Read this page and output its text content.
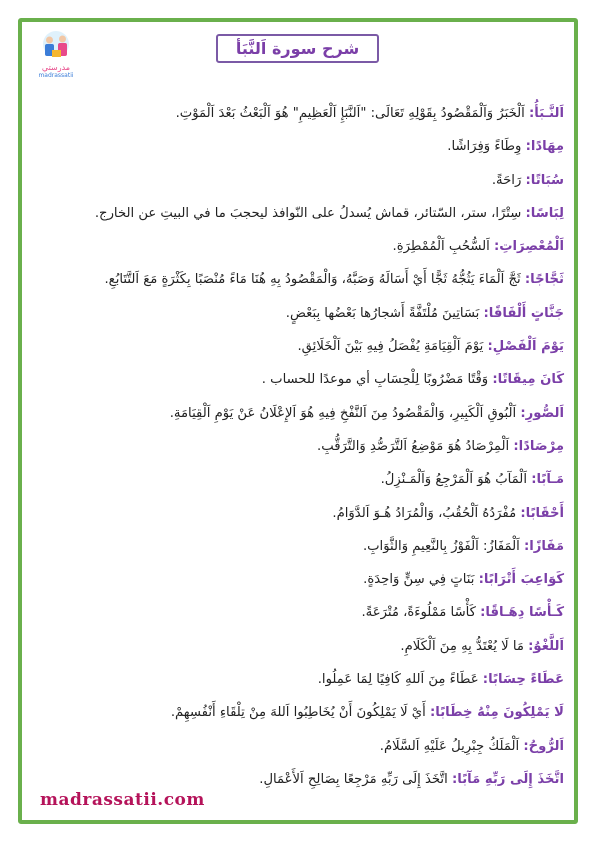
مدرستي
madrassatii
شرح سورة اَلنَّبَأ
اَلنَّـبَأُ: اَلْخَبَرُ وَاَلْمَقْصُودُ بِقَوْلِهِ تَعَالَى: "اَلنَّبَإِ اَلْعَظِيمِ" هُوَ اَلْبَعْثُ بَعْدَ اَلْمَوْتِ.
مِهَادًا: وِطَاءً وَفِرَاشًا.
سُبَاتًا: رَاحَةً.
لِبَاسًا: سِتْرًا، ستر، السّتائر، قماش يُسدلُ على النّوافذ ليحجبَ ما في البيتِ عن الخارج.
اَلْمُعْصِرَاتِ: اَلسُّحُبِ اَلْمُمْطِرَةِ.
ثَجَّاجًا: ثَجَّ اَلْمَاءَ يَثُجُّهُ ثَجًّا أَيْ أَسَالَهُ وَصَبَّهُ، وَالْمَقْصُودُ بِهِ هُنَا مَاءً مُنْصَبًا بِكَثْرَةٍ مَعَ اَلتَّتَابُعِ.
جَنَّاتٍ أَلْفَافًا: بَسَاتِينَ مُلْتَفَّةً أَشجارُها بَعْضُها بِبَعْضٍ.
يَوْمَ اَلْفَصْلِ: يَوْمَ اَلْقِيَامَةِ يُفْصَلُ فِيهِ بَيْنَ اَلْخَلَائِقِ.
كَانَ مِيقَاتًا: وَقْتًا مَضْرُوبًا لِلْحِسَابِ أي موعدًا للحساب .
اَلصُّورِ: اَلْبُوقِ اَلْكَبِيرِ، وَالْمَقْصُودُ مِنَ اَلنَّفْخِ فِيهِ هُوَ اَلإِعْلَانُ عَنْ يَوْمِ اَلْقِيَامَةِ.
مِرْصَادًا: اَلْمِرْصَادُ هُوَ مَوْضِعُ اَلتَّرَصُّدِ وَالتَّرَقُّبِ.
مَـآبًا: اَلْمَآبُ هُوَ اَلْمَرْجِعُ وَاَلْمَـنْزِلُ.
أَحْقَابًا: مُفْرَدُهُ اَلْحُقُبُ، وَالْمُرَادُ هُـوَ اَلدَّوَامُ.
مَفَازًا: اَلْمَفَازُ: اَلْفَوْزُ بِالنَّعِيمِ وَالثَّوَابِ.
كَوَاعِبَ أَتْرَابًا: بَنَاتٍ فِي سِنٍّ وَاحِدَةٍ.
كَـأْسًا دِهَـاقًا: كَأْسًا مَمْلُوءَةً، مُتْرَعَةً.
اَللَّغْوُ: مَا لَا يُعْتَدُّ بِهِ مِنَ اَلْكَلَامِ.
عَطَاءً حِسَابًا: عَطَاءً مِنَ اَللهِ كَافِيًا لِمَا عَمِلُوا.
لَا يَمْلِكُونَ مِنْهُ خِطَابًا: أَيْ لَا يَمْلِكُونَ أَنْ يُخَاطِبُوا اَللهَ مِنْ تِلْقَاءِ أَنْفُسِهِمْ.
اَلرُّوحُ: اَلْمَلَكُ جِبْرِيلُ عَلَيْهِ اَلسَّلَامُ.
اتَّخَذَ إِلَى رَبِّهِ مَآبًا: اتَّخَذَ إِلَى رَبِّهِ مَرْجِعًا بِصَالِحِ اَلأَعْمَالِ.
madrassatii.com
